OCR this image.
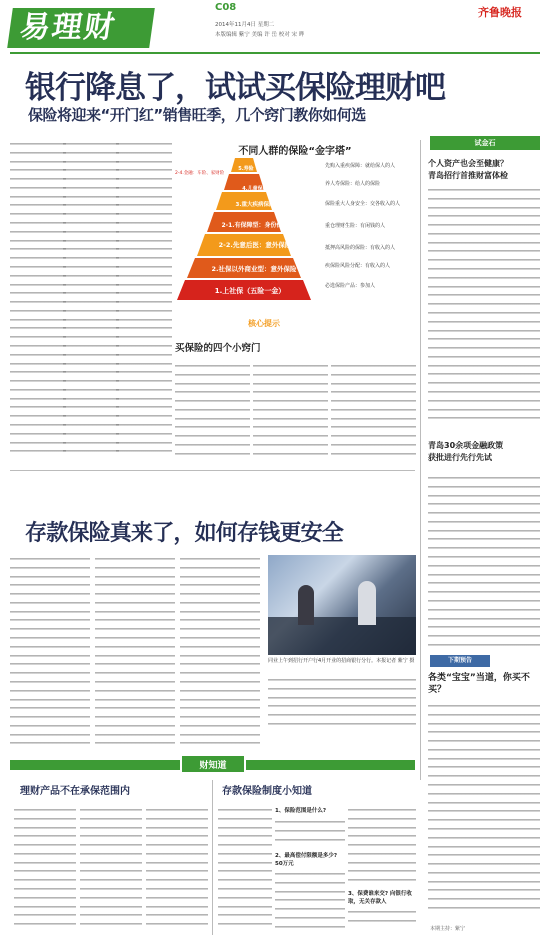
易理财
C08
2014年11月4日 星期二
本版编辑 紫宁 美编 许 岳 校对 宋 晔
齐鲁晚报
银行降息了，试试买保险理财吧
保险将迎来“开门红”销售旺季，几个窍门教你如何选
不同人群的保险“金字塔”
4.儿童保险
3.重大疾病保险
2-1.有保障型：身份保险
2-2.先意后医：意外保险
2.社保以外商业型：意外保险
1.上社保（五险一金）
5.寿险
2-4.金融：车险、家财险
先购入重疾保障：就给保人的人
养人寿保险：给人的保险
保险重大人身安全：交各收入的人
重仓理财生险：有闲钱的人
抵押高风险的保险：有收入的人
疾保险风险分配：有收入的人
必选保险产品：参加人
核心提示
买保险的四个小窍门
试金石
个人资产也会至健康？
青岛招行首推财富体检
青岛30余项金融政策
获批进行先行先试
下期预告
各类“宝宝”当道，你买不买？
本期主持：紫宁
存款保险真来了，如何存钱更安全
同业上午到招行开户行4月开业的招商银行分行。本报记者 紫宁 摄
财知道
理财产品不在承保范围内	存款保险制度小知道
1、保险范围是什么?
2、最高偿付限额是多少? 50万元
3、保费谁来交? 向银行收取，无关存款人
